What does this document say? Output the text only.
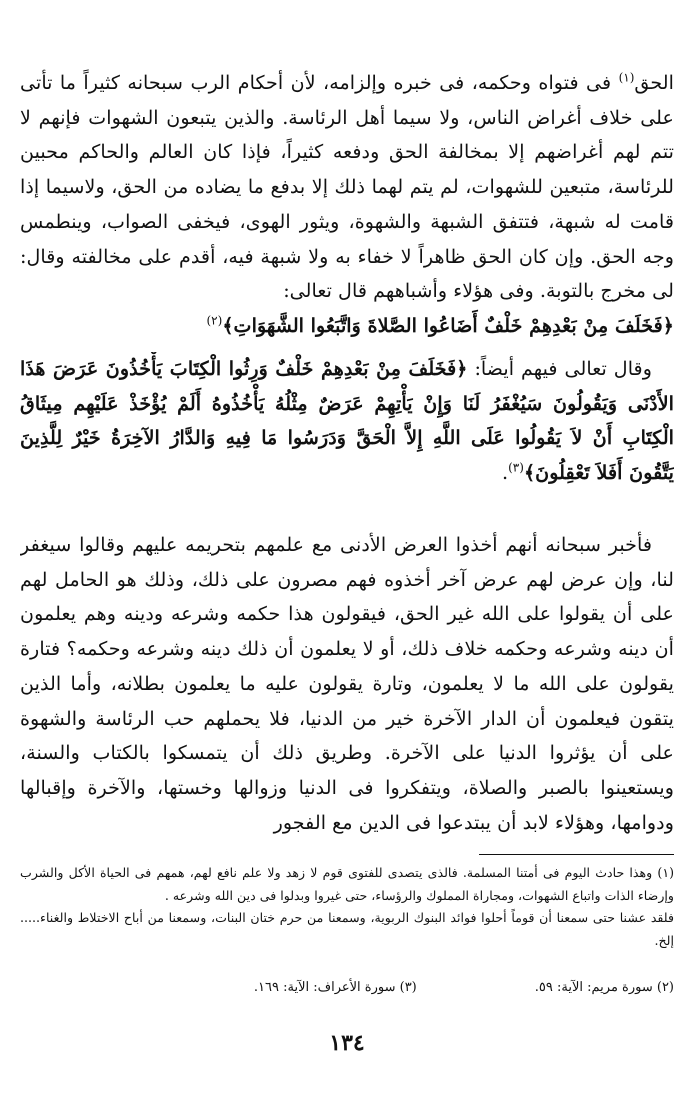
الحق$^{(١)}$ فى فتواه وحكمه، فى خبره وإلزامه، لأن أحكام الرب سبحانه كثيراً ما تأتى على خلاف أغراض الناس، ولا سيما أهل الرئاسة. والذين يتبعون الشهوات فإنهم لا تتم لهم أغراضهم إلا بمخالفة الحق ودفعه كثيراً، فإذا كان العالم والحاكم محبين للرئاسة، متبعين للشهوات، لم يتم لهما ذلك إلا بدفع ما يضاده من الحق، ولاسيما إذا قامت له شبهة، فتتفق الشبهة والشهوة، ويثور الهوى، فيخفى الصواب، وينطمس وجه الحق. وإن كان الحق ظاهراً لا خفاء به ولا شبهة فيه، أقدم على مخالفته وقال: لى مخرج بالتوبة. وفى هؤلاء وأشباههم قال تعالى:
﴿فَخَلَفَ مِنْ بَعْدِهِمْ خَلْفٌ أَضَاعُوا الصَّلاةَ وَاتَّبَعُوا الشَّهَوَاتِ﴾$^{(٢)}$

وقال تعالى فيهم أيضاً: ﴿فَخَلَفَ مِنْ بَعْدِهِمْ خَلْفٌ وَرِثُوا الْكِتَابَ يَأْخُذُونَ عَرَضَ هَذَا الأَدْنَى وَيَقُولُونَ سَيُغْفَرُ لَنَا وَإِنْ يَأْتِهِمْ عَرَضٌ مِثْلُهُ يَأْخُذُوهُ أَلَمْ يُؤْخَذْ عَلَيْهِم مِيثَاقُ الْكِتَابِ أَنْ لاَ يَقُولُوا عَلَى اللَّهِ إِلاَّ الْحَقَّ وَدَرَسُوا مَا فِيهِ وَالدَّارُ الآخِرَةُ خَيْرٌ لِلَّذِينَ يَتَّقُونَ أَفَلاَ تَعْقِلُونَ﴾$^{(٣)}$.

فأخبر سبحانه أنهم أخذوا العرض الأدنى مع علمهم بتحريمه عليهم وقالوا سيغفر لنا، وإن عرض لهم عرض آخر أخذوه فهم مصرون على ذلك، وذلك هو الحامل لهم على أن يقولوا على الله غير الحق، فيقولون هذا حكمه وشرعه ودينه وهم يعلمون أن دينه وشرعه وحكمه خلاف ذلك، أو لا يعلمون أن ذلك دينه وشرعه وحكمه؟ فتارة يقولون على الله ما لا يعلمون، وتارة يقولون عليه ما يعلمون بطلانه، وأما الذين يتقون فيعلمون أن الدار الآخرة خير من الدنيا، فلا يحملهم حب الرئاسة والشهوة على أن يؤثروا الدنيا على الآخرة. وطريق ذلك أن يتمسكوا بالكتاب والسنة، ويستعينوا بالصبر والصلاة، ويتفكروا فى الدنيا وزوالها وخستها، والآخرة وإقبالها ودوامها، وهؤلاء لابد أن يبتدعوا فى الدين مع الفجور

(١) وهذا حادث اليوم فى أمتنا المسلمة. فالذى يتصدى للفتوى قوم لا زهد ولا علم نافع لهم، همهم فى الحياة الأكل والشرب وإرضاء الذات واتباع الشهوات، ومجاراة المملوك والرؤساء، حتى غيروا وبدلوا فى دين الله وشرعه .

فلقد عشنا حتى سمعنا أن قوماً أحلوا فوائد البنوك الربوية، وسمعنا من حرم ختان البنات، وسمعنا من أباح الاختلاط والغناء..... إلخ.

(٢) سورة مريم: الآية: ٥٩.
(٣) سورة الأعراف: الآية: ١٦٩.
١٣٤
